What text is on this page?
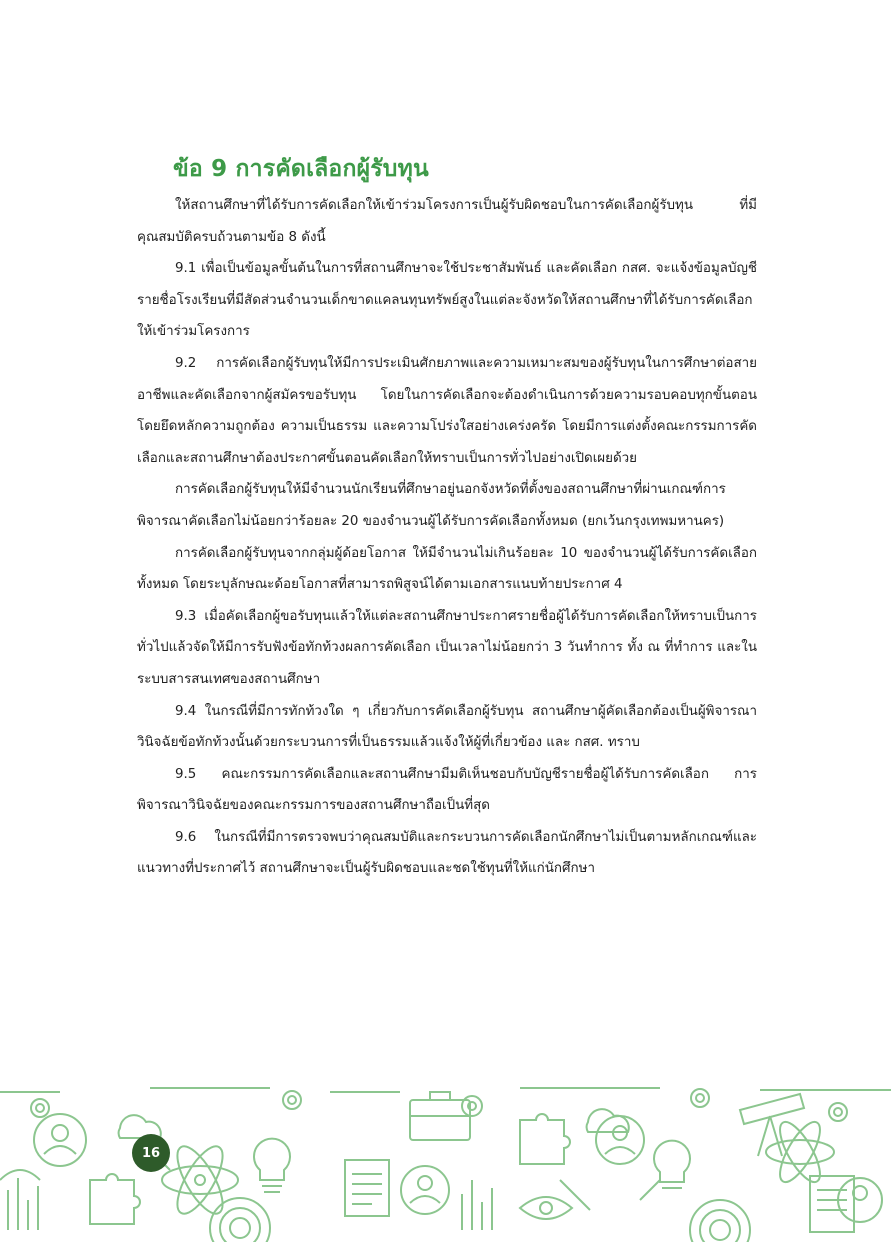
ข้อ 9 การคัดเลือกผู้รับทุน

ให้สถานศึกษาที่ได้รับการคัดเลือกให้เข้าร่วมโครงการเป็นผู้รับผิดชอบในการคัดเลือกผู้รับทุน ที่มีคุณสมบัติครบถ้วนตามข้อ 8 ดังนี้

9.1 เพื่อเป็นข้อมูลขั้นต้นในการที่สถานศึกษาจะใช้ประชาสัมพันธ์ และคัดเลือก กสศ. จะแจ้งข้อมูลบัญชีรายชื่อโรงเรียนที่มีสัดส่วนจำนวนเด็กขาดแคลนทุนทรัพย์สูงในแต่ละจังหวัดให้สถานศึกษาที่ได้รับการคัดเลือกให้เข้าร่วมโครงการ

9.2 การคัดเลือกผู้รับทุนให้มีการประเมินศักยภาพและความเหมาะสมของผู้รับทุนในการศึกษาต่อสายอาชีพและคัดเลือกจากผู้สมัครขอรับทุน โดยในการคัดเลือกจะต้องดำเนินการด้วยความรอบคอบทุกขั้นตอน โดยยึดหลักความถูกต้อง ความเป็นธรรม และความโปร่งใสอย่างเคร่งครัด โดยมีการแต่งตั้งคณะกรรมการคัดเลือกและสถานศึกษาต้องประกาศขั้นตอนคัดเลือกให้ทราบเป็นการทั่วไปอย่างเปิดเผยด้วย

การคัดเลือกผู้รับทุนให้มีจำนวนนักเรียนที่ศึกษาอยู่นอกจังหวัดที่ตั้งของสถานศึกษาที่ผ่านเกณฑ์การพิจารณาคัดเลือกไม่น้อยกว่าร้อยละ 20 ของจำนวนผู้ได้รับการคัดเลือกทั้งหมด (ยกเว้นกรุงเทพมหานคร)

การคัดเลือกผู้รับทุนจากกลุ่มผู้ด้อยโอกาส ให้มีจำนวนไม่เกินร้อยละ 10 ของจำนวนผู้ได้รับการคัดเลือกทั้งหมด โดยระบุลักษณะด้อยโอกาสที่สามารถพิสูจน์ได้ตามเอกสารแนบท้ายประกาศ 4

9.3 เมื่อคัดเลือกผู้ขอรับทุนแล้วให้แต่ละสถานศึกษาประกาศรายชื่อผู้ได้รับการคัดเลือกให้ทราบเป็นการทั่วไปแล้วจัดให้มีการรับฟังข้อทักท้วงผลการคัดเลือก เป็นเวลาไม่น้อยกว่า 3 วันทำการ ทั้ง ณ ที่ทำการ และในระบบสารสนเทศของสถานศึกษา

9.4 ในกรณีที่มีการทักท้วงใด ๆ เกี่ยวกับการคัดเลือกผู้รับทุน สถานศึกษาผู้คัดเลือกต้องเป็นผู้พิจารณาวินิจฉัยข้อทักท้วงนั้นด้วยกระบวนการที่เป็นธรรมแล้วแจ้งให้ผู้ที่เกี่ยวข้อง และ กสศ. ทราบ

9.5 คณะกรรมการคัดเลือกและสถานศึกษามีมติเห็นชอบกับบัญชีรายชื่อผู้ได้รับการคัดเลือก การพิจารณาวินิจฉัยของคณะกรรมการของสถานศึกษาถือเป็นที่สุด

9.6 ในกรณีที่มีการตรวจพบว่าคุณสมบัติและกระบวนการคัดเลือกนักศึกษาไม่เป็นตามหลักเกณฑ์และแนวทางที่ประกาศไว้ สถานศึกษาจะเป็นผู้รับผิดชอบและชดใช้ทุนที่ให้แก่นักศึกษา

16
